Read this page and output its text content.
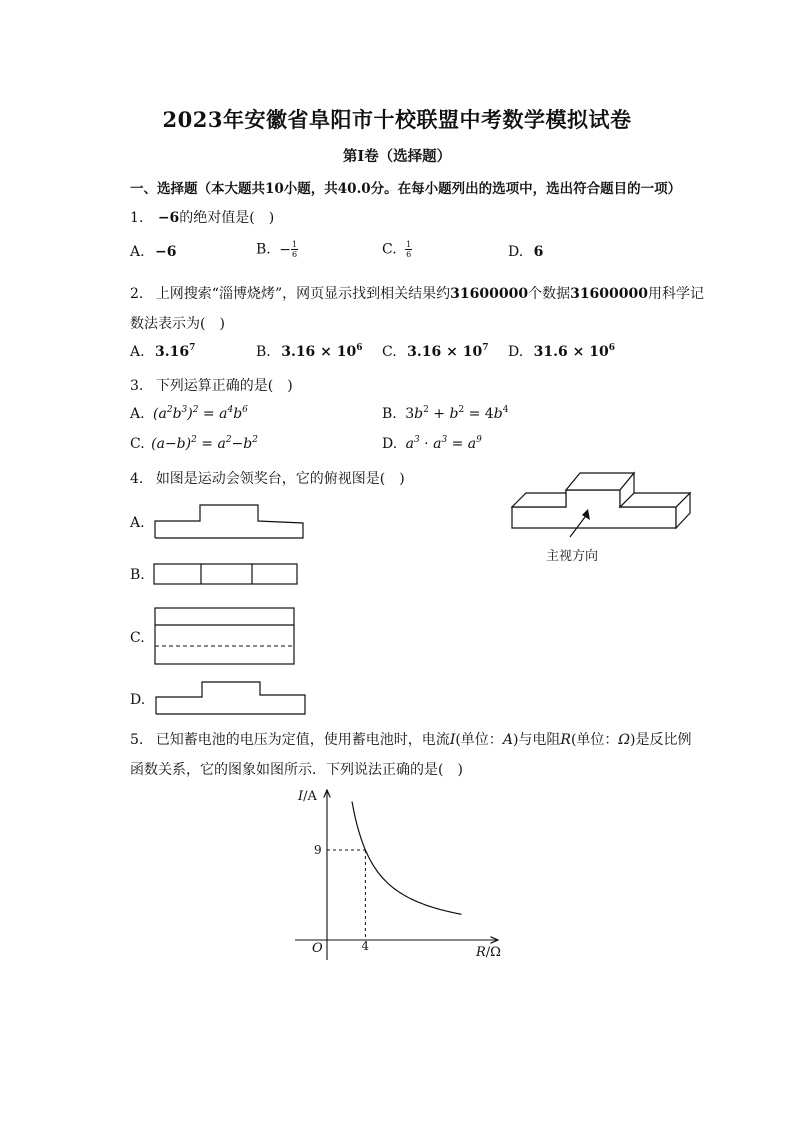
2023年安徽省阜阳市十校联盟中考数学模拟试卷
第Ⅰ卷（选择题）
一、选择题（本大题共10小题，共40.0分。在每小题列出的选项中，选出符合题目的一项）
1. −6的绝对值是(　)
A. −6	B. − $\frac{1}{6}$	C. $\frac{1}{6}$	D. 6
2. 上网搜索“淄博烧烤”，网页显示找到相关结果约31600000个数据31600000用科学记
数法表示为(　)
A. 3.16$^7$	B. $3.16 \times 10^6$ C. $3.16 \times 10^7$ D. $31.6 \times 10^6$
3. 下列运算正确的是(　)
A. $(a^2b^3)^2 = a^4b^6$	B. $3b^2 + b^2 = 4b^4$
C. $(a-b)^2 = a^2-b^2$	D. $a^3 \cdot a^3 = a^9$
4. 如图是运动会领奖台，它的俯视图是(　)
主视方向
A.
B.
C.
D.
5. 已知蓄电池的电压为定值，使用蓄电池时，电流I(单位：A)与电阻R(单位：Ω)是反比例
函数关系，它的图象如图所示．下列说法正确的是(　)
I/A
R/Ω
O
9
4
